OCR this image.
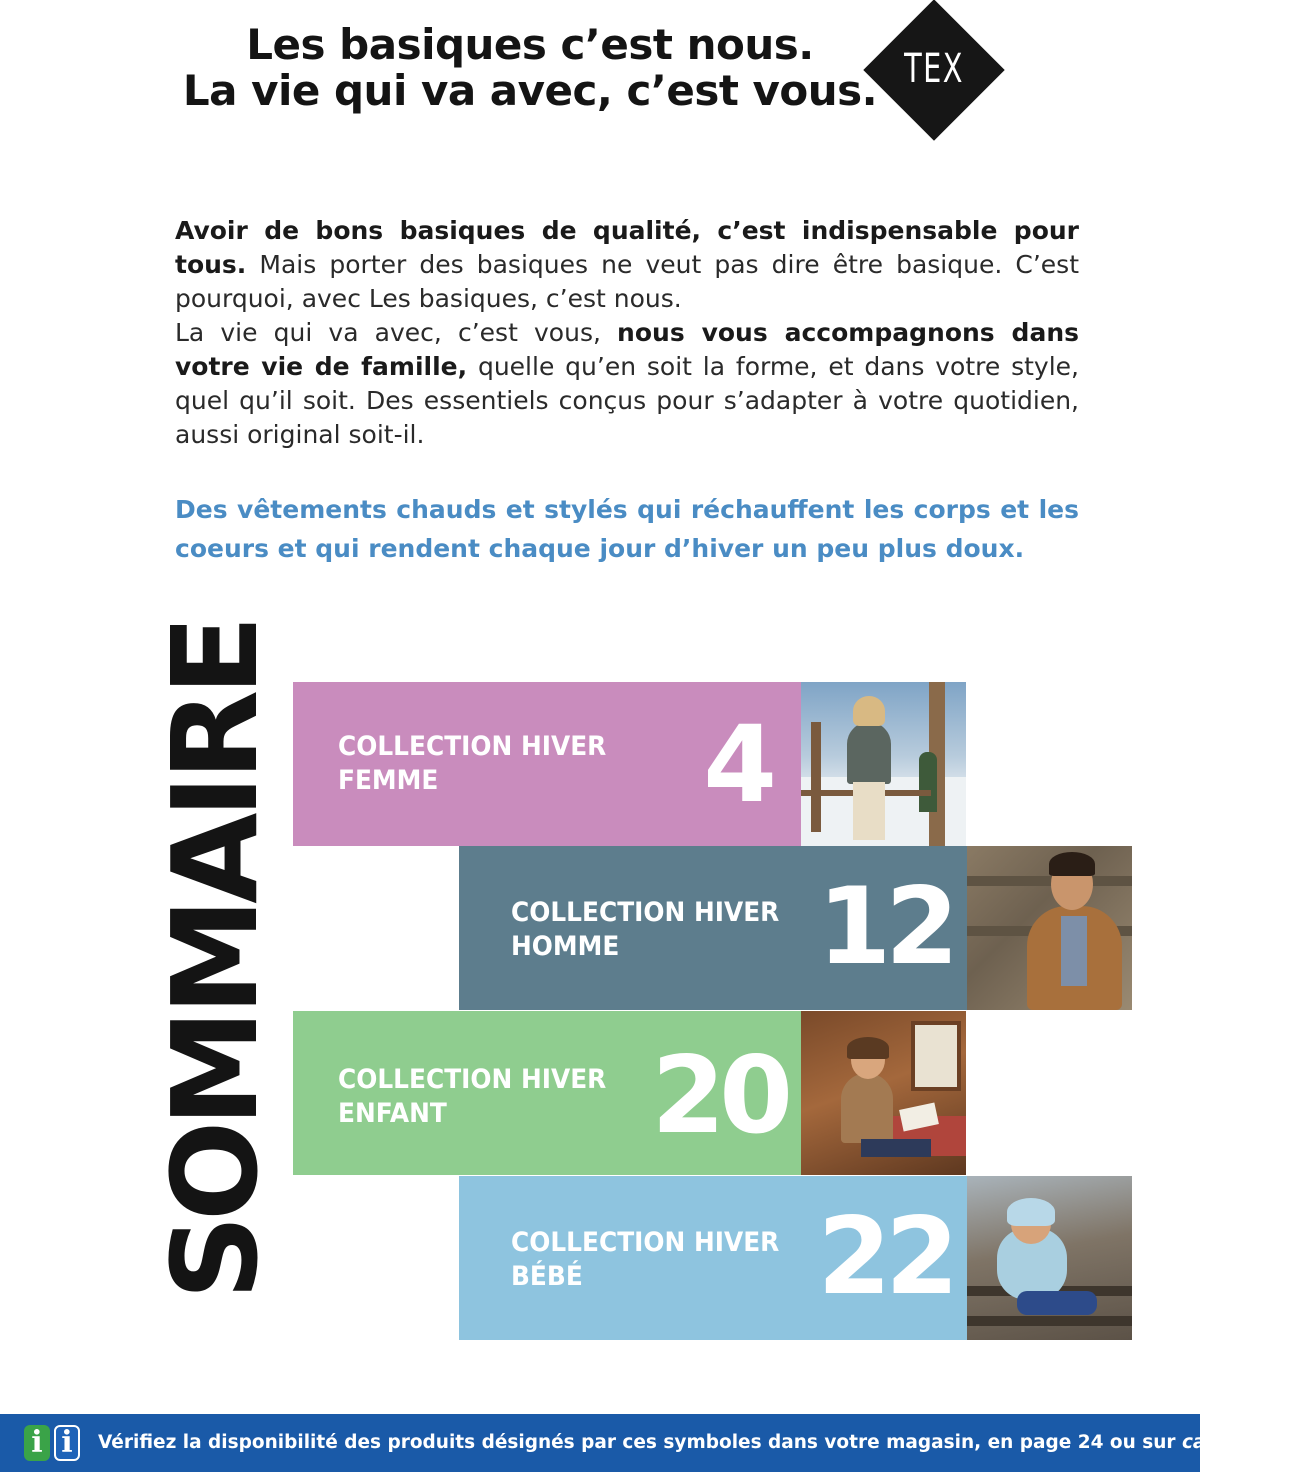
Les basiques c’est nous.
La vie qui va avec, c’est vous. TEX
Avoir de bons basiques de qualité, c’est indispensable pour tous. Mais porter des basiques ne veut pas dire être basique. C’est pourquoi, avec Les basiques, c’est nous.
La vie qui va avec, c’est vous, nous vous accompagnons dans votre vie de famille, quelle qu’en soit la forme, et dans votre style, quel qu’il soit. Des essentiels conçus pour s’adapter à votre quotidien, aussi original soit-il.
Des vêtements chauds et stylés qui réchauffent les corps et les coeurs et qui rendent chaque jour d’hiver un peu plus doux.
SOMMAIRE COLLECTION HIVER
FEMME	4
COLLECTION HIVER
HOMME	12
COLLECTION HIVER
ENFANT	20
COLLECTION HIVER
BÉBÉ	22
i i	Vérifiez la disponibilité des produits désignés par ces symboles dans votre magasin, en page 24 ou sur carrefour.fr
